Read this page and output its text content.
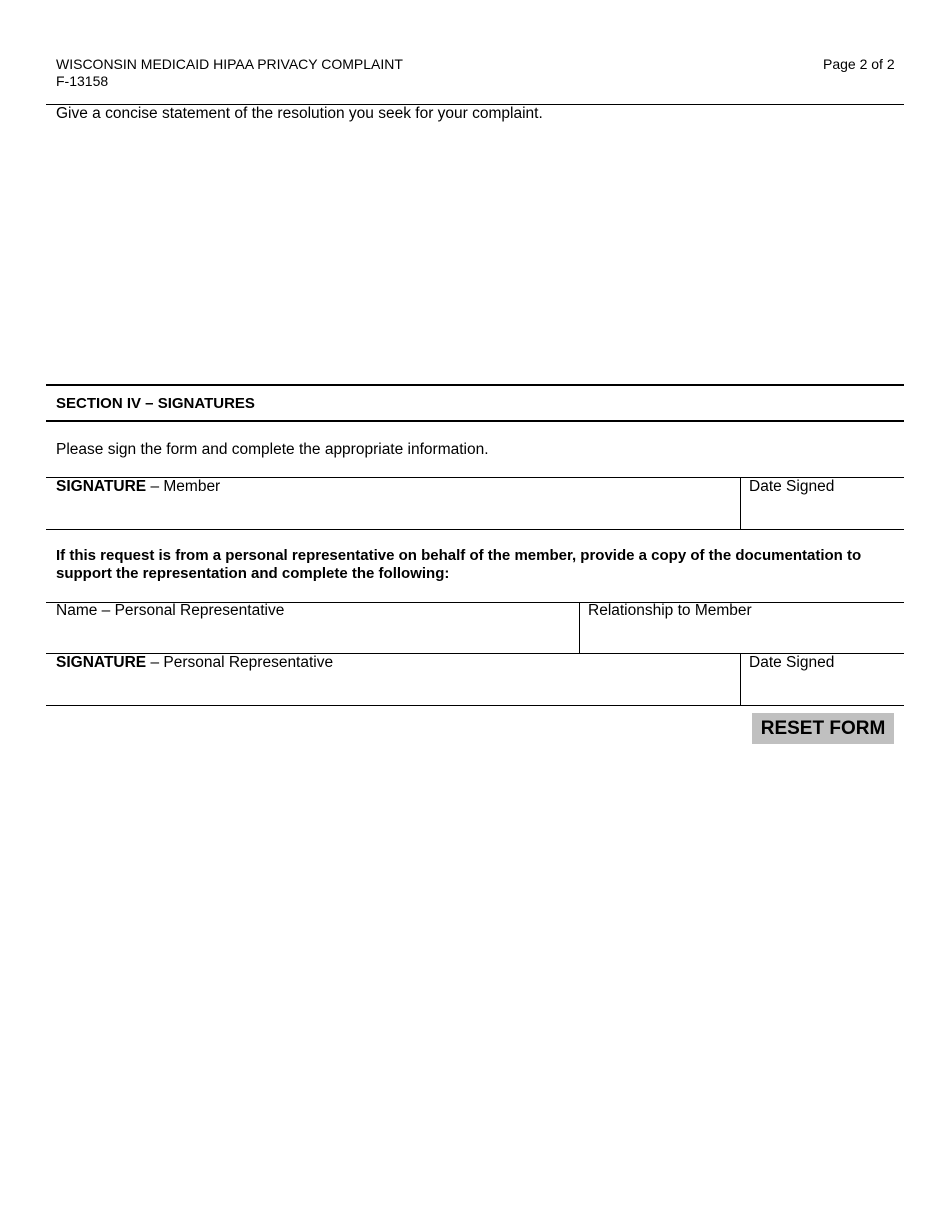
WISCONSIN MEDICAID HIPAA PRIVACY COMPLAINT
F-13158
Page 2 of 2
Give a concise statement of the resolution you seek for your complaint.
SECTION IV – SIGNATURES
Please sign the form and complete the appropriate information.
SIGNATURE – Member	Date Signed
If this request is from a personal representative on behalf of the member, provide a copy of the documentation to
support the representation and complete the following:
Name – Personal Representative	Relationship to Member
SIGNATURE – Personal Representative	Date Signed
RESET FORM
